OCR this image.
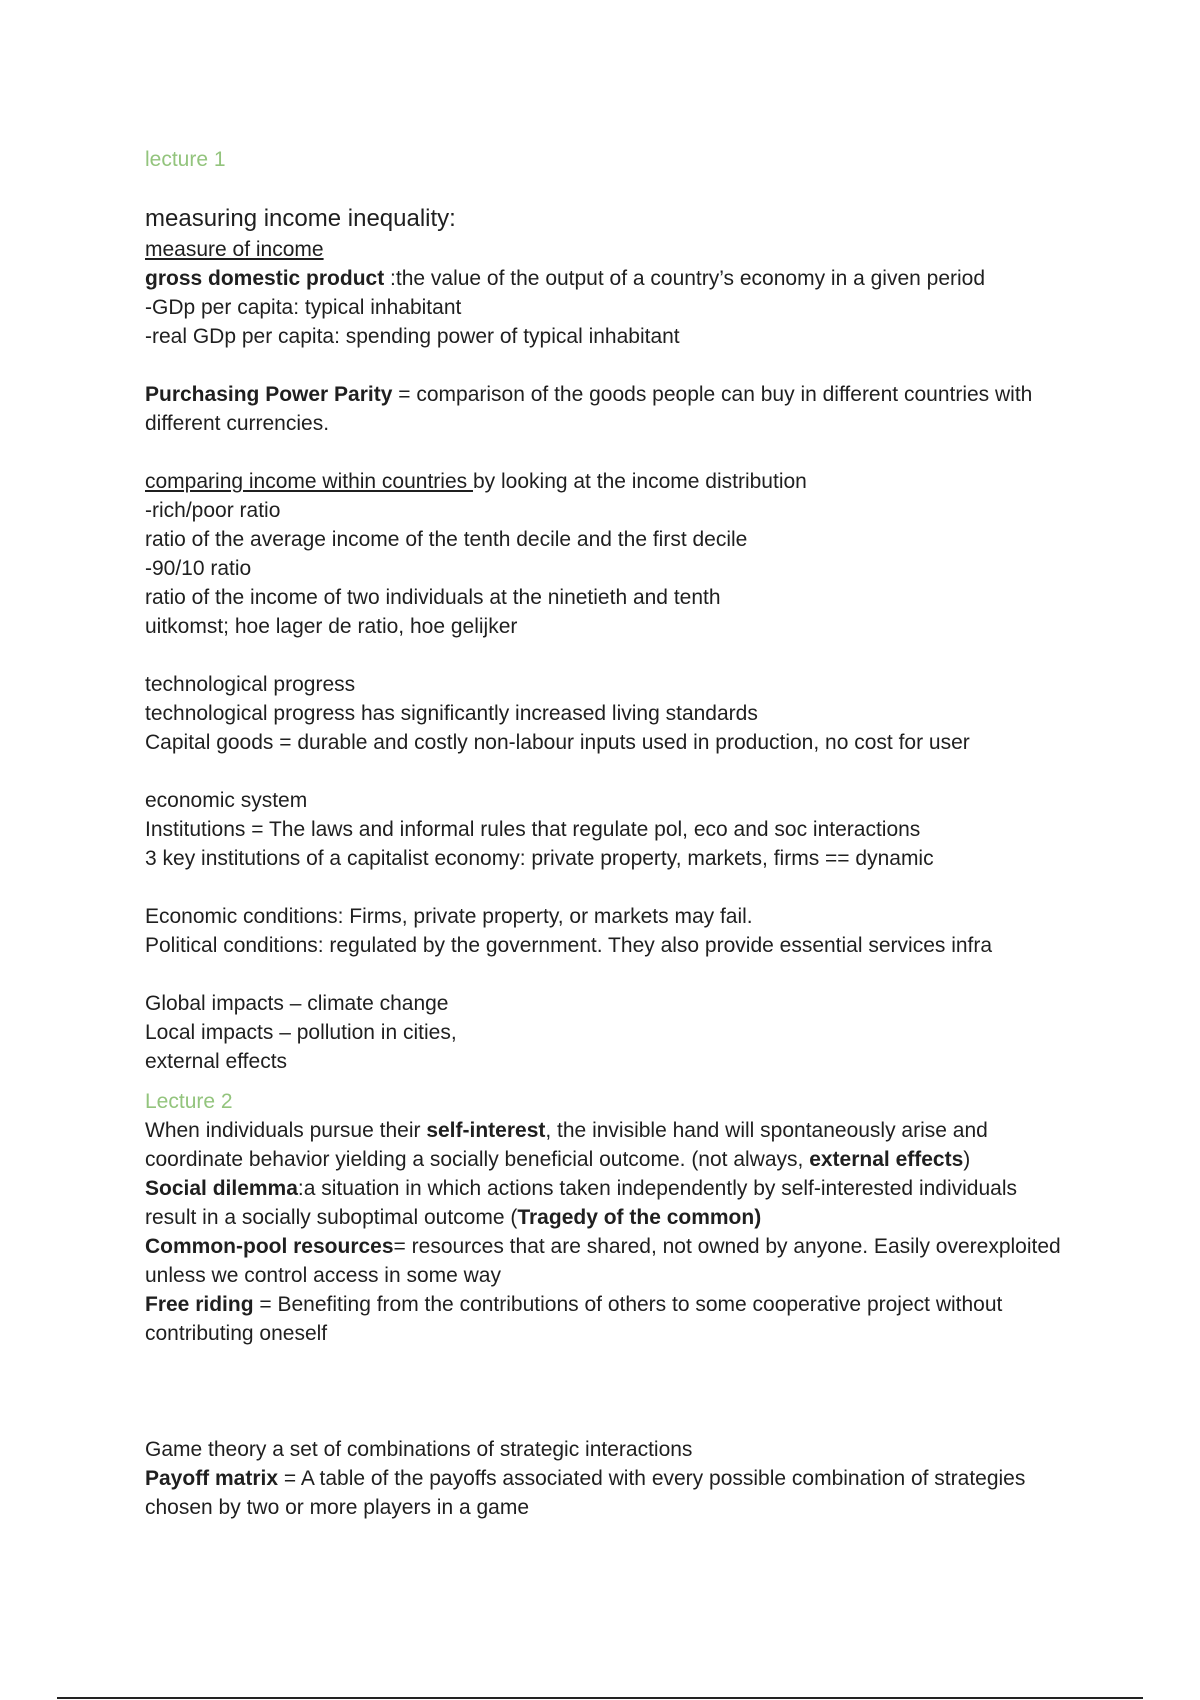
lecture 1
measuring income inequality:
measure of income
gross domestic product :the value of the output of a country’s economy in a given period
-GDp per capita: typical inhabitant
-real GDp per capita: spending power of typical inhabitant
Purchasing Power Parity = comparison of the goods people can buy in different countries with different currencies.
comparing income within countries by looking at the income distribution
-rich/poor ratio
ratio of the average income of the tenth decile and the first decile
-90/10 ratio
ratio of the income of two individuals at the ninetieth and tenth
uitkomst; hoe lager de ratio, hoe gelijker
technological progress
technological progress has significantly increased living standards
Capital goods = durable and costly non-labour inputs used in production, no cost for user
economic system
Institutions = The laws and informal rules that regulate pol, eco and soc interactions
3 key institutions of a capitalist economy: private property, markets, firms == dynamic
Economic conditions: Firms, private property, or markets may fail.
Political conditions: regulated by the government. They also provide essential services infra
Global impacts – climate change
Local impacts – pollution in cities,
external effects
Lecture 2
When individuals pursue their self-interest, the invisible hand will spontaneously arise and coordinate behavior yielding a socially beneficial outcome. (not always, external effects)
Social dilemma:a situation in which actions taken independently by self-interested individuals result in a socially suboptimal outcome (Tragedy of the common)
Common-pool resources= resources that are shared, not owned by anyone. Easily overexploited unless we control access in some way
Free riding = Benefiting from the contributions of others to some cooperative project without contributing oneself
Game theory a set of combinations of strategic interactions
Payoff matrix = A table of the payoffs associated with every possible combination of strategies chosen by two or more players in a game
